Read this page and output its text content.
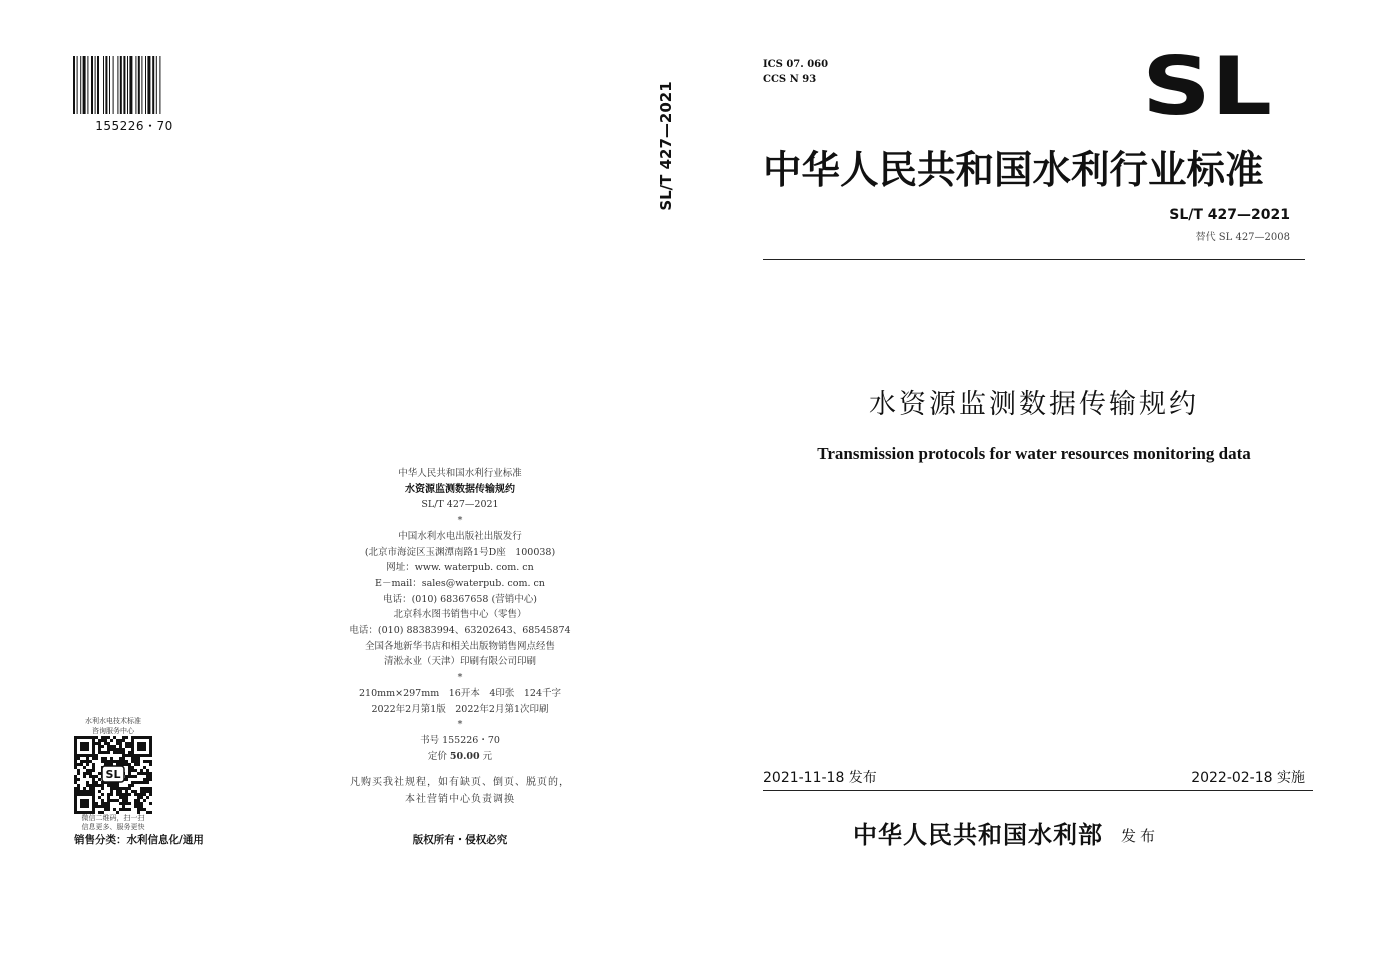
155226・70	SL/T 427—2021
中华人民共和国水利行业标准
水资源监测数据传输规约
SL/T 427—2021
*
中国水利水电出版社出版发行
(北京市海淀区玉渊潭南路1号D座　100038)
网址：www. waterpub. com. cn
E－mail：sales@waterpub. com. cn
电话：(010) 68367658 (营销中心)
北京科水图书销售中心（零售）
电话：(010) 88383994、63202643、68545874
全国各地新华书店和相关出版物销售网点经售
清淞永业（天津）印刷有限公司印刷
*
210mm×297mm　16开本　4印张　124千字
2022年2月第1版　2022年2月第1次印刷
*
书号 155226・70
定价 50.00 元
凡购买我社规程，如有缺页、倒页、脱页的，
本社营销中心负责调换
水利水电技术标准
咨询服务中心
SL
微信二维码，扫一扫
信息更多、服务更快
销售分类：水利信息化/通用	版权所有・侵权必究
ICS 07. 060
CCS N 93	SL
中华人民共和国水利行业标准
SL/T 427—2021
替代 SL 427—2008
水资源监测数据传输规约
Transmission protocols for water resources monitoring data
2021-11-18 发布	2022-02-18 实施
中华人民共和国水利部 发布
